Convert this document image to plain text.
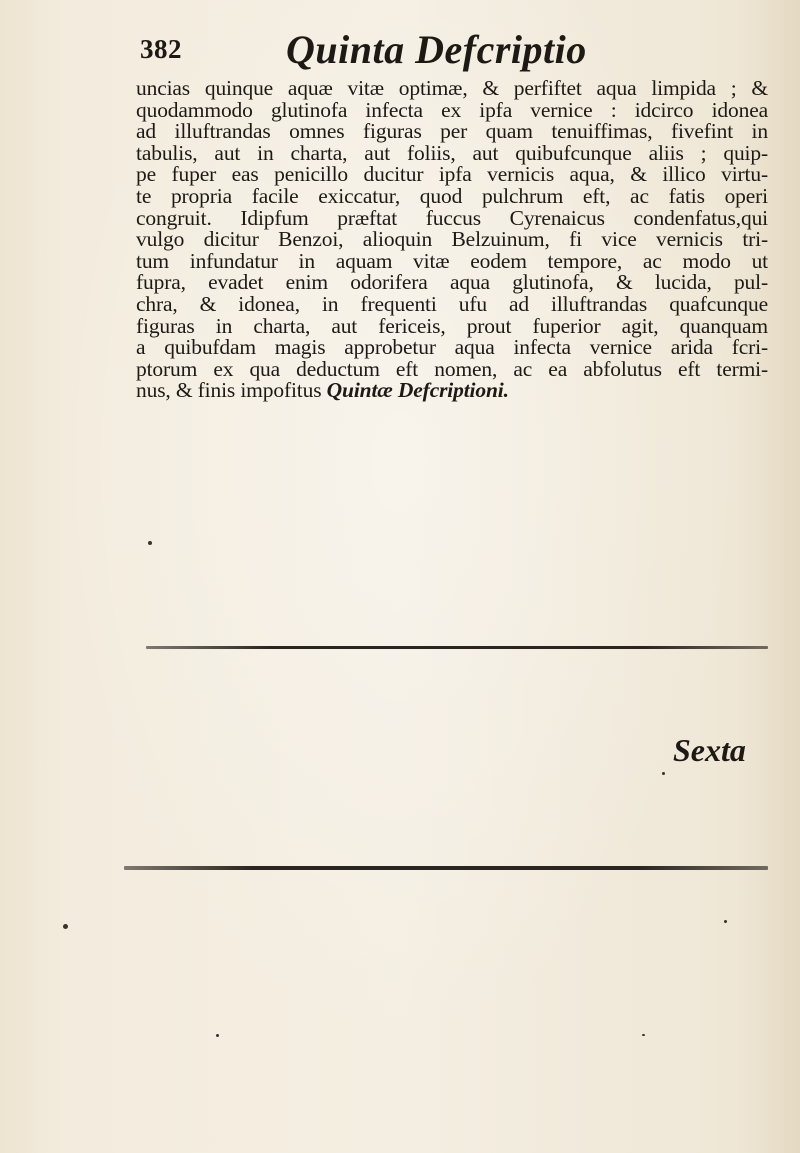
382	Quinta Defcriptio
uncias quinque aquæ vitæ optimæ, & perfiftet aqua limpida ; &
quodammodo glutinofa infecta ex ipfa vernice : idcirco idonea
ad illuftrandas omnes figuras per quam tenuiffimas, fivefint in
tabulis, aut in charta, aut foliis, aut quibufcunque aliis ; quip-
pe fuper eas penicillo ducitur ipfa vernicis aqua, & illico virtu-
te propria facile exiccatur, quod pulchrum eft, ac fatis operi
congruit. Idipfum præftat fuccus Cyrenaicus condenfatus,qui
vulgo dicitur Benzoi, alioquin Belzuinum, fi vice vernicis tri-
tum infundatur in aquam vitæ eodem tempore, ac modo ut
fupra, evadet enim odorifera aqua glutinofa, & lucida, pul-
chra, & idonea, in frequenti ufu ad illuftrandas quafcunque
figuras in charta, aut fericeis, prout fuperior agit, quanquam
a quibufdam magis approbetur aqua infecta vernice arida fcri-
ptorum ex qua deductum eft nomen, ac ea abfolutus eft termi-
nus, & finis impofitus Quintæ Defcriptioni.
Sexta
